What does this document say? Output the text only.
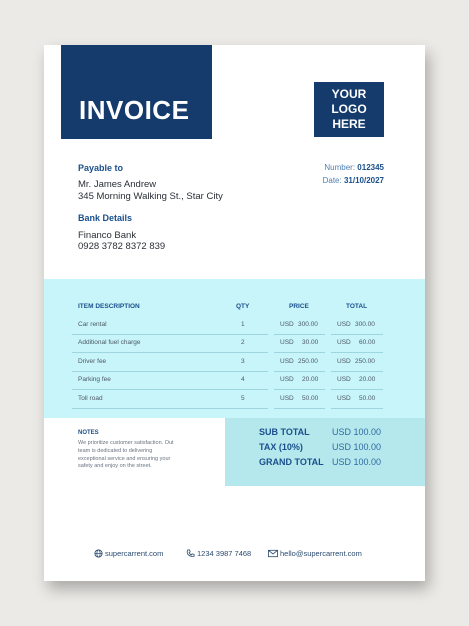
INVOICE
YOUR
LOGO
HERE
Payable to
Mr. James Andrew
345 Morning Walking St., Star City
Number: 012345
Date: 31/10/2027
Bank Details
Financo Bank
0928 3782 8372 839
ITEM DESCRIPTION	QTY	PRICE	TOTAL
Car rental	1	USD 300.00	USD 300.00
Additional fuel charge	2	USD 30.00	USD 60.00
Driver fee	3	USD 250.00	USD 250.00
Parking fee	4	USD 20.00	USD 20.00
Toll road	5	USD 50.00	USD 50.00
NOTES
We prioritize customer satisfaction. Out team is dedicated to delivering exceptional service and ensuring your safety and enjoy on the street.
SUB TOTAL USD 100.00
TAX (10%)	USD 100.00
GRAND TOTAL USD 100.00
supercarrent.com	1234 3987 7468	hello@supercarrent.com
